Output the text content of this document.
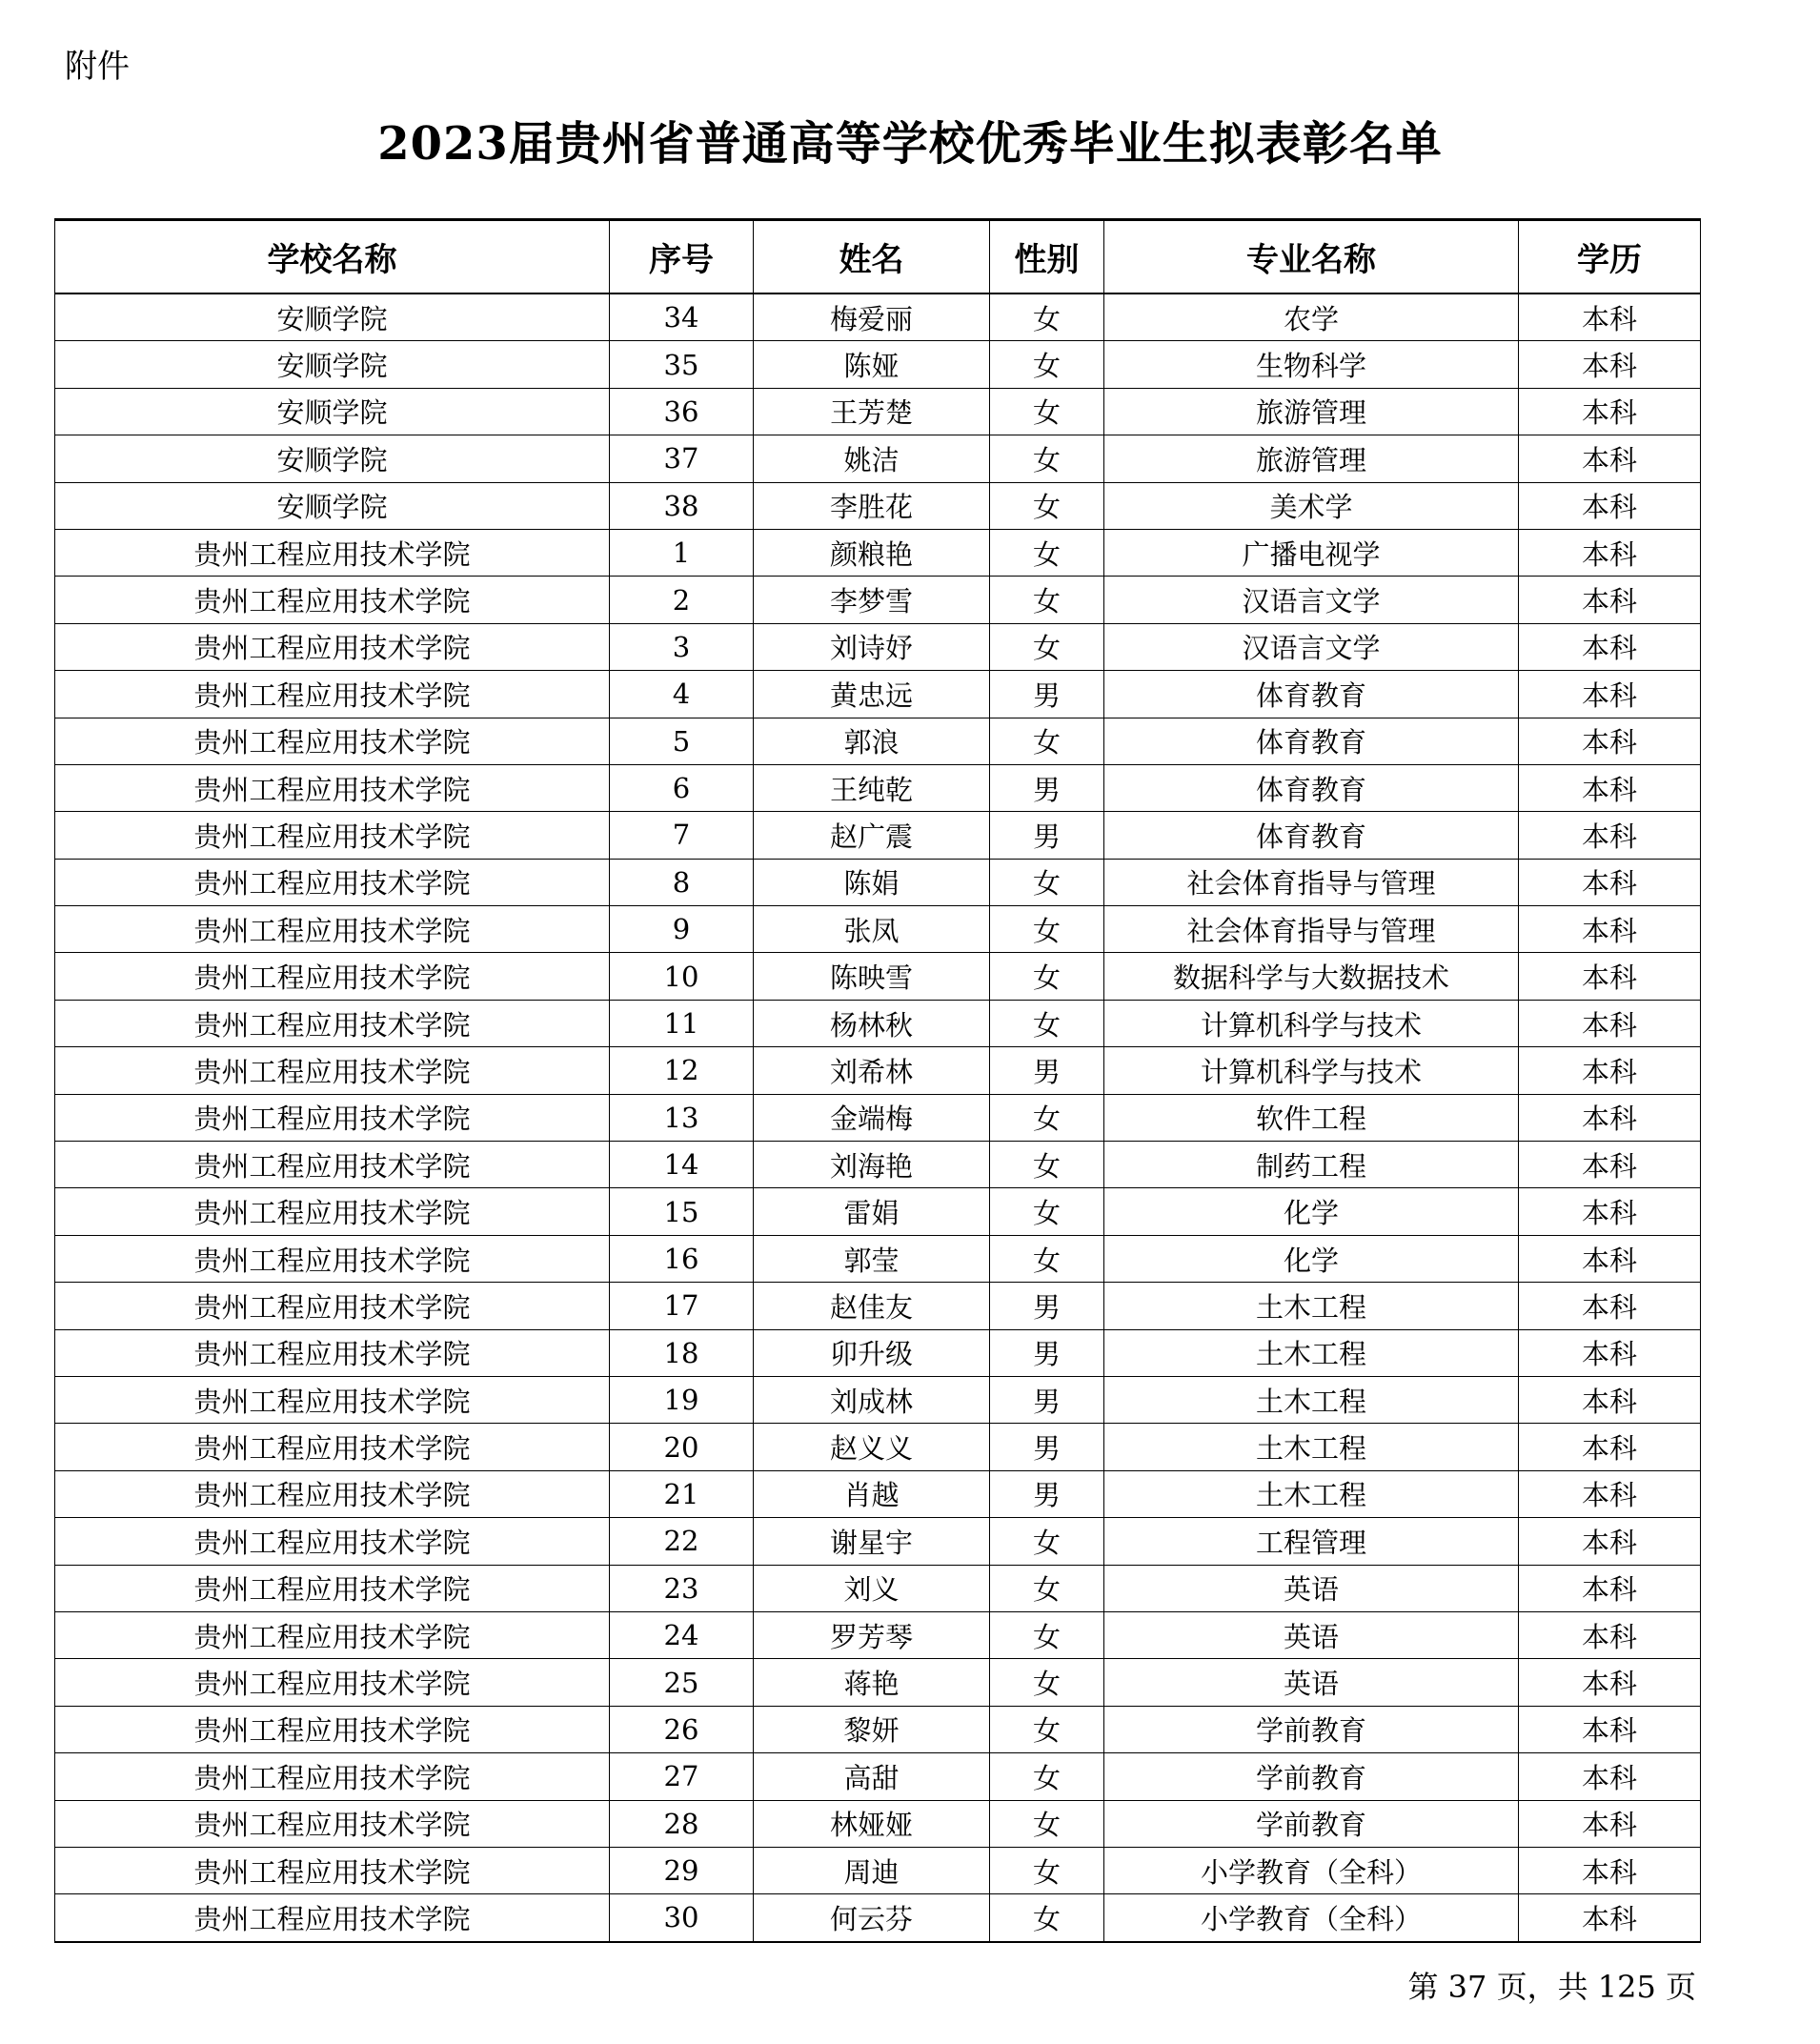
附件
2023届贵州省普通高等学校优秀毕业生拟表彰名单
学校名称	序号	姓名	性别	专业名称	学历
安顺学院	34	梅爱丽	女	农学	本科
安顺学院	35	陈娅	女	生物科学	本科
安顺学院	36	王芳楚	女	旅游管理	本科
安顺学院	37	姚洁	女	旅游管理	本科
安顺学院	38	李胜花	女	美术学	本科
贵州工程应用技术学院	1	颜粮艳	女	广播电视学	本科
贵州工程应用技术学院	2	李梦雪	女	汉语言文学	本科
贵州工程应用技术学院	3	刘诗妤	女	汉语言文学	本科
贵州工程应用技术学院	4	黄忠远	男	体育教育	本科
贵州工程应用技术学院	5	郭浪	女	体育教育	本科
贵州工程应用技术学院	6	王纯乾	男	体育教育	本科
贵州工程应用技术学院	7	赵广震	男	体育教育	本科
贵州工程应用技术学院	8	陈娟	女	社会体育指导与管理	本科
贵州工程应用技术学院	9	张凤	女	社会体育指导与管理	本科
贵州工程应用技术学院	10	陈映雪	女	数据科学与大数据技术	本科
贵州工程应用技术学院	11	杨林秋	女	计算机科学与技术	本科
贵州工程应用技术学院	12	刘希林	男	计算机科学与技术	本科
贵州工程应用技术学院	13	金端梅	女	软件工程	本科
贵州工程应用技术学院	14	刘海艳	女	制药工程	本科
贵州工程应用技术学院	15	雷娟	女	化学	本科
贵州工程应用技术学院	16	郭莹	女	化学	本科
贵州工程应用技术学院	17	赵佳友	男	土木工程	本科
贵州工程应用技术学院	18	卯升级	男	土木工程	本科
贵州工程应用技术学院	19	刘成林	男	土木工程	本科
贵州工程应用技术学院	20	赵义义	男	土木工程	本科
贵州工程应用技术学院	21	肖越	男	土木工程	本科
贵州工程应用技术学院	22	谢星宇	女	工程管理	本科
贵州工程应用技术学院	23	刘义	女	英语	本科
贵州工程应用技术学院	24	罗芳琴	女	英语	本科
贵州工程应用技术学院	25	蒋艳	女	英语	本科
贵州工程应用技术学院	26	黎妍	女	学前教育	本科
贵州工程应用技术学院	27	高甜	女	学前教育	本科
贵州工程应用技术学院	28	林娅娅	女	学前教育	本科
贵州工程应用技术学院	29	周迪	女	小学教育（全科）	本科
贵州工程应用技术学院	30	何云芬	女	小学教育（全科）	本科
第 37 页，共 125 页
